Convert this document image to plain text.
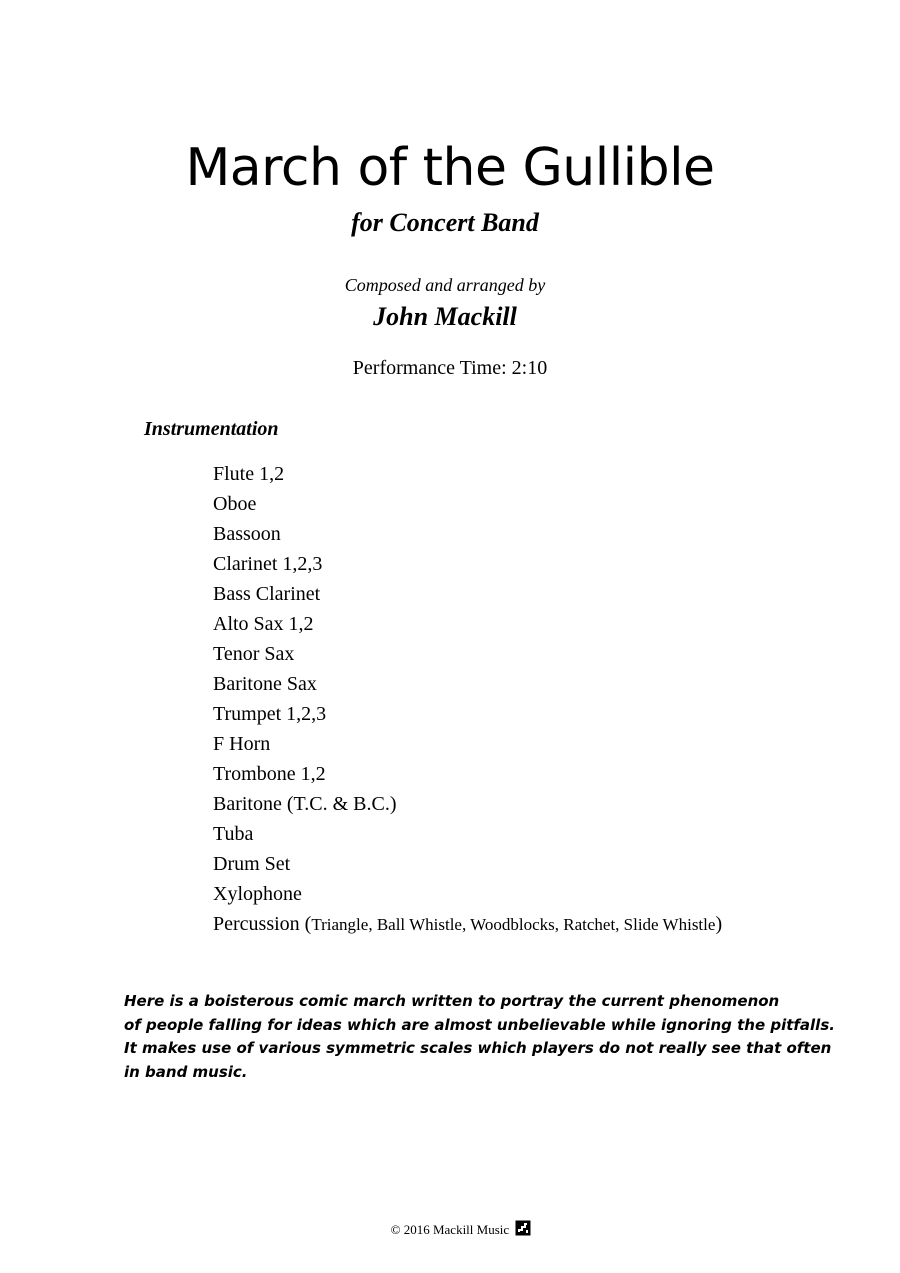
March of the Gullible
for Concert Band
Composed and arranged by
John Mackill
Performance Time: 2:10
Instrumentation
Flute 1,2
Oboe
Bassoon
Clarinet 1,2,3
Bass Clarinet
Alto Sax 1,2
Tenor Sax
Baritone Sax
Trumpet 1,2,3
F Horn
Trombone 1,2
Baritone (T.C. & B.C.)
Tuba
Drum Set
Xylophone
Percussion (Triangle, Ball Whistle, Woodblocks, Ratchet, Slide Whistle)

Here is a boisterous comic march written to portray the current phenomenon
of people falling for ideas which are almost unbelievable while ignoring the pitfalls.
It makes use of various symmetric scales which players do not really see that often
in band music.

© 2016 Mackill Music
